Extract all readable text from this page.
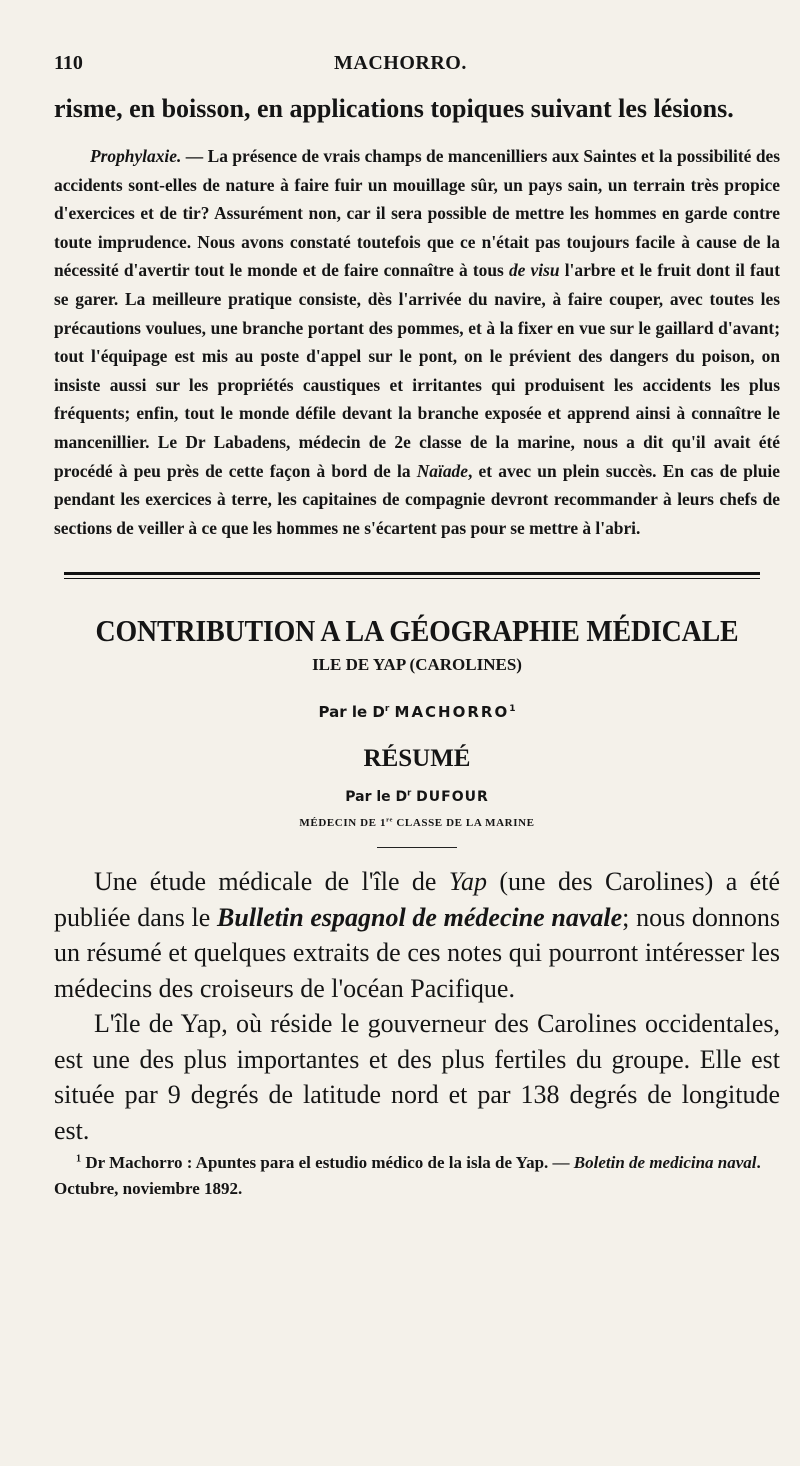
110	MACHORRO.

risme, en boisson, en applications topiques suivant les lésions.

Prophylaxie. — La présence de vrais champs de mancenilliers aux Saintes et la possibilité des accidents sont-elles de nature à faire fuir un mouillage sûr, un pays sain, un terrain très propice d'exercices et de tir? Assurément non, car il sera possible de mettre les hommes en garde contre toute imprudence. Nous avons constaté toutefois que ce n'était pas toujours facile à cause de la nécessité d'avertir tout le monde et de faire connaître à tous de visu l'arbre et le fruit dont il faut se garer. La meilleure pratique consiste, dès l'arrivée du navire, à faire couper, avec toutes les précautions voulues, une branche portant des pommes, et à la fixer en vue sur le gaillard d'avant; tout l'équipage est mis au poste d'appel sur le pont, on le prévient des dangers du poison, on insiste aussi sur les propriétés caustiques et irritantes qui produisent les accidents les plus fréquents; enfin, tout le monde défile devant la branche exposée et apprend ainsi à connaître le mancenillier. Le Dr Labadens, médecin de 2e classe de la marine, nous a dit qu'il avait été procédé à peu près de cette façon à bord de la Naïade, et avec un plein succès. En cas de pluie pendant les exercices à terre, les capitaines de compagnie devront recommander à leurs chefs de sections de veiller à ce que les hommes ne s'écartent pas pour se mettre à l'abri.

CONTRIBUTION A LA GÉOGRAPHIE MÉDICALE
ILE DE YAP (CAROLINES)
Par le $D^r$ MACHORRO$^1$
RÉSUMÉ
Par le $D^r$ DUFOUR
MÉDECIN DE 1re CLASSE DE LA MARINE

Une étude médicale de l'île de Yap (une des Carolines) a été publiée dans le Bulletin espagnol de médecine navale; nous donnons un résumé et quelques extraits de ces notes qui pourront intéresser les médecins des croiseurs de l'océan Pacifique.

L'île de Yap, où réside le gouverneur des Carolines occidentales, est une des plus importantes et des plus fertiles du groupe. Elle est située par 9 degrés de latitude nord et par 138 degrés de longitude est.

$^1$ Dr Machorro : Apuntes para el estudio médico de la isla de Yap. — Boletin de medicina naval. Octubre, noviembre 1892.
